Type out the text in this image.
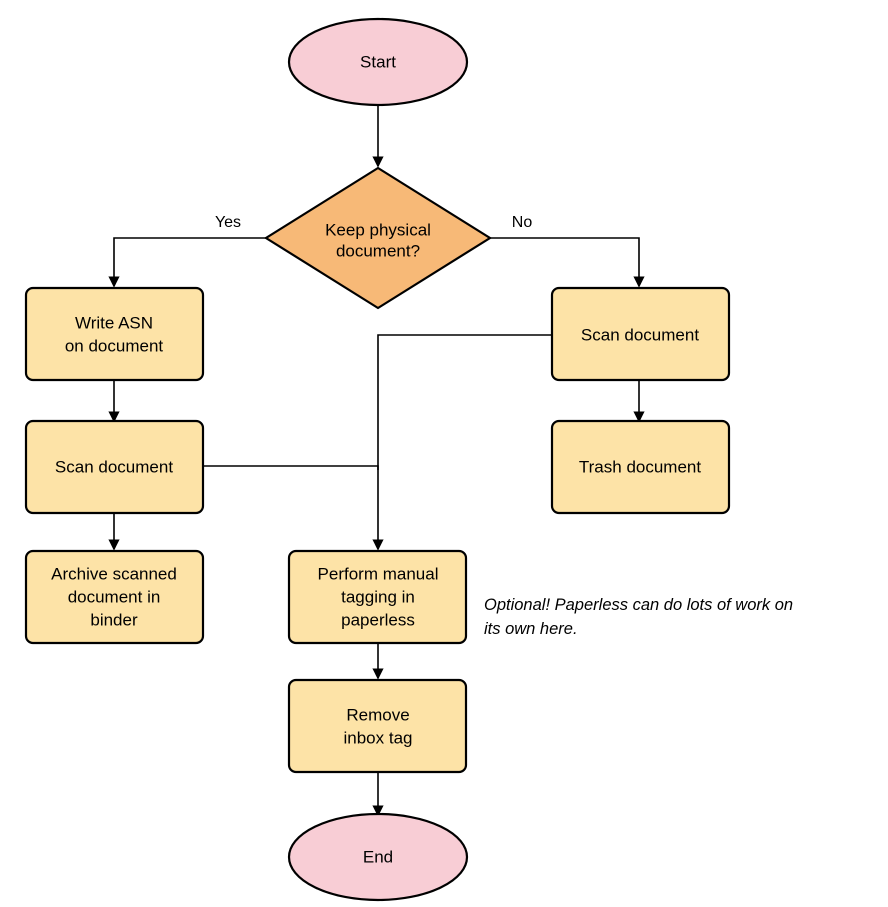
Start
Keep physical
document?
Yes	No
Write ASN
on document
Scan document
Archive scanned
document in
binder
Scan document
Trash document
Perform manual
tagging in
paperless
Remove
inbox tag
End
Optional! Paperless can do lots of work on
its own here.
